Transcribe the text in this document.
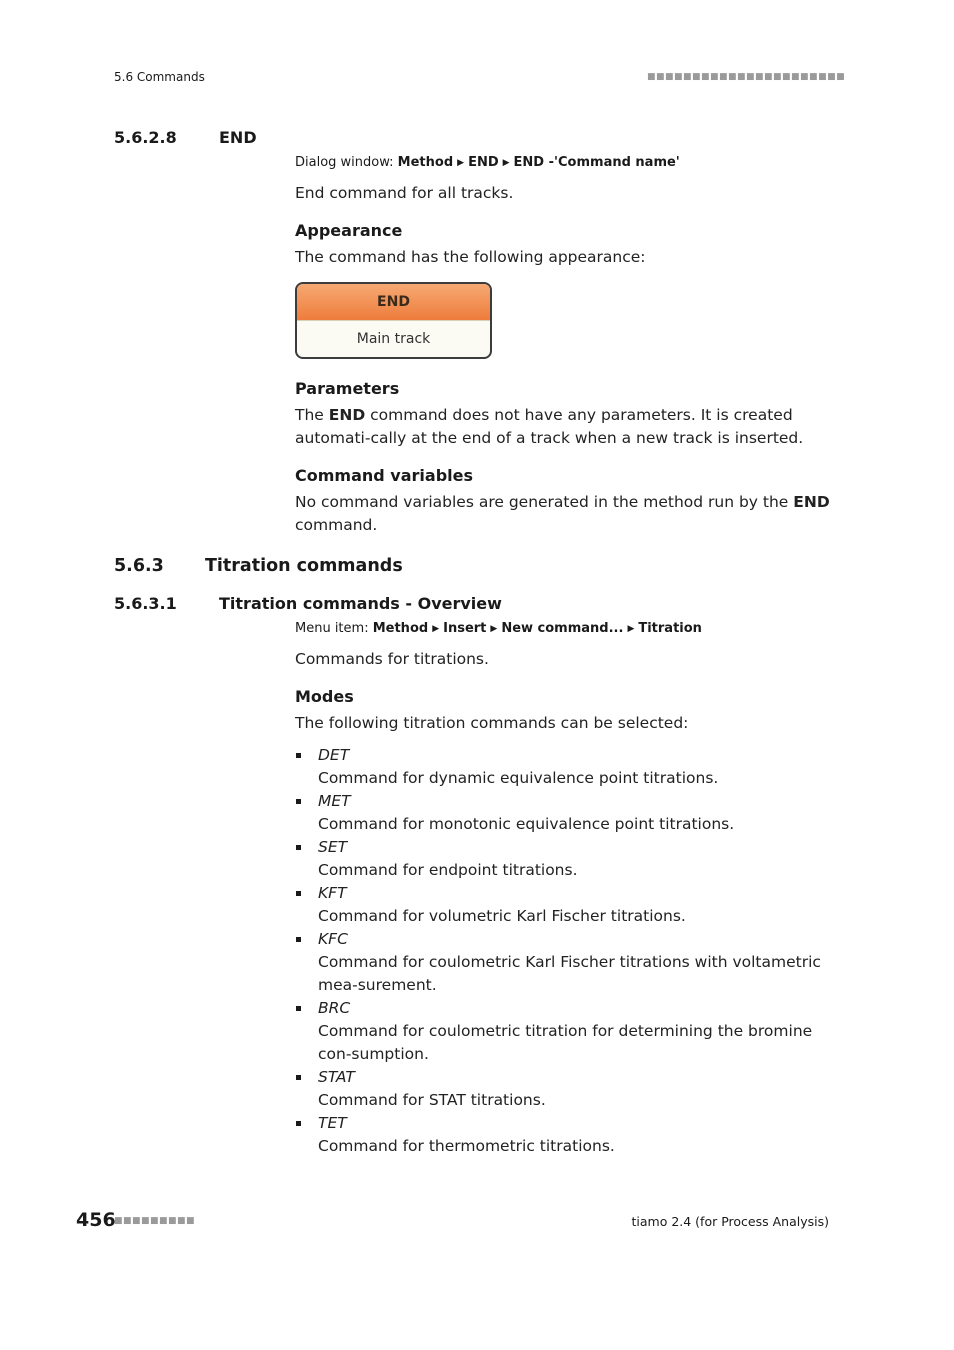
5.6 Commands	■■■■■■■■■■■■■■■■■■■■■■
5.6.2.8	END
Dialog window: Method ▶ END ▶ END -'Command name'
End command for all tracks.
Appearance
The command has the following appearance:
END
Main track
Parameters
The END command does not have any parameters. It is created automati-cally at the end of a track when a new track is inserted.
Command variables
No command variables are generated in the method run by the END command.
5.6.3 Titration commands
5.6.3.1	Titration commands - Overview
Menu item: Method ▶ Insert ▶ New command... ▶ Titration
Commands for titrations.
Modes
The following titration commands can be selected:
DET
Command for dynamic equivalence point titrations.
MET
Command for monotonic equivalence point titrations.
SET
Command for endpoint titrations.
KFT
Command for volumetric Karl Fischer titrations.
KFC
Command for coulometric Karl Fischer titrations with voltametric mea-surement.
BRC
Command for coulometric titration for determining the bromine con-sumption.
STAT
Command for STAT titrations.
TET
Command for thermometric titrations.
456
■■■■■■■■■	tiamo 2.4 (for Process Analysis)
